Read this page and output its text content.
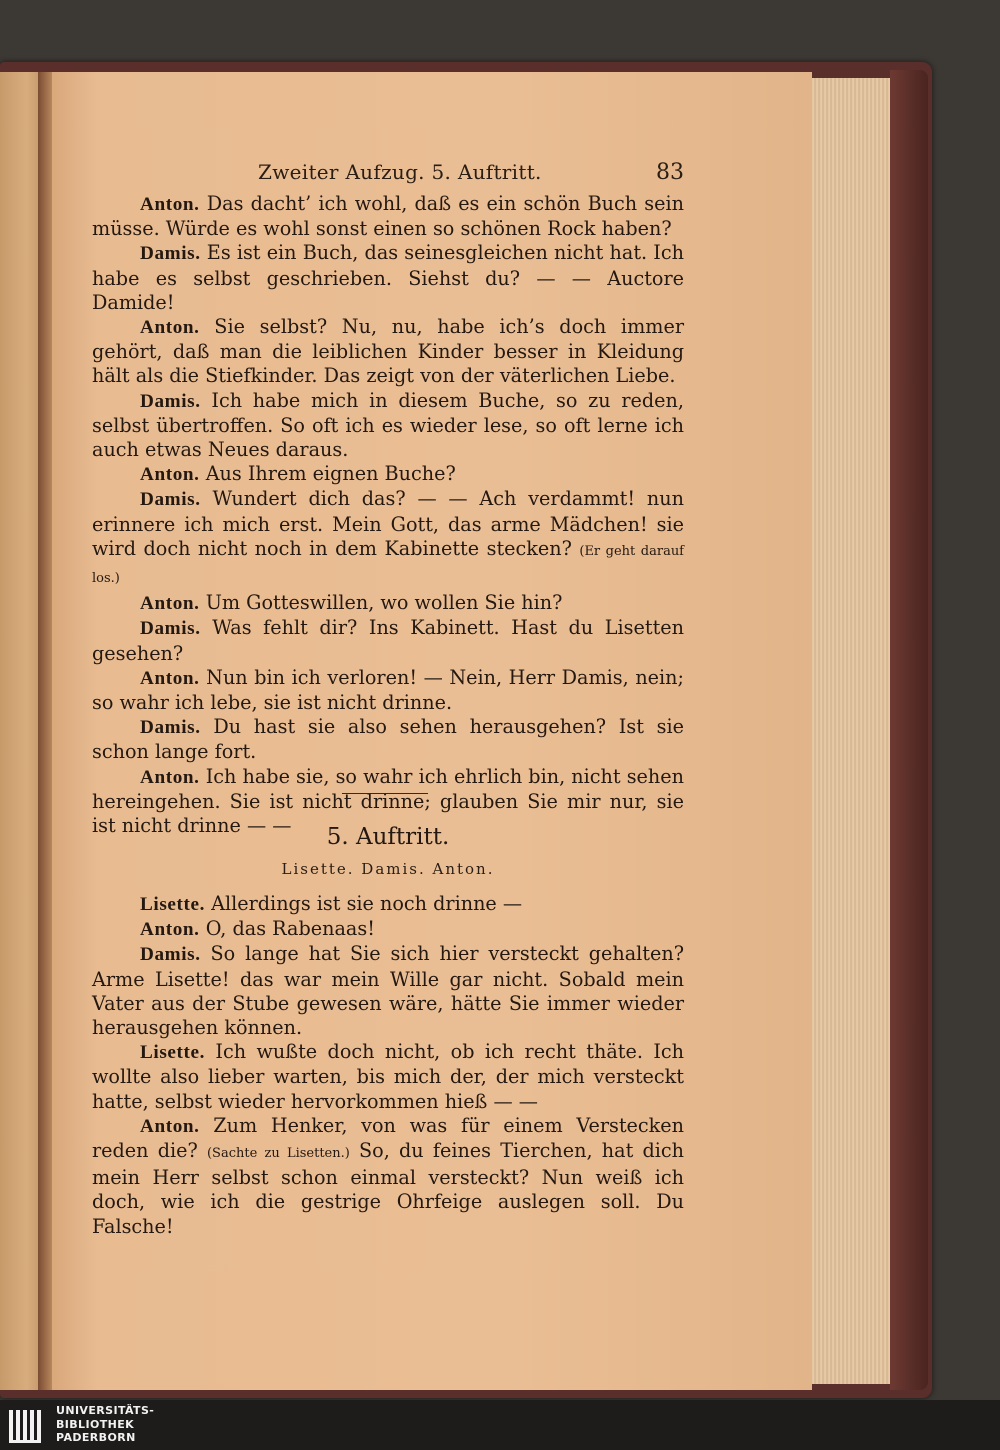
Zweiter Aufzug. 5. Auftritt.	83

Anton. Das dacht’ ich wohl, daß es ein schön Buch sein müsse. Würde es wohl sonst einen so schönen Rock haben?

Damis. Es ist ein Buch, das seinesgleichen nicht hat. Ich habe es selbst geschrieben. Siehst du? — — Auctore Damide!

Anton. Sie selbst? Nu, nu, habe ich’s doch immer gehört, daß man die leiblichen Kinder besser in Kleidung hält als die Stiefkinder. Das zeigt von der väterlichen Liebe.

Damis. Ich habe mich in diesem Buche, so zu reden, selbst übertroffen. So oft ich es wieder lese, so oft lerne ich auch etwas Neues daraus.

Anton. Aus Ihrem eignen Buche?

Damis. Wundert dich das? — — Ach verdammt! nun erinnere ich mich erst. Mein Gott, das arme Mädchen! sie wird doch nicht noch in dem Kabinette stecken? (Er geht darauf los.)

Anton. Um Gotteswillen, wo wollen Sie hin?

Damis. Was fehlt dir? Ins Kabinett. Hast du Lisetten gesehen?

Anton. Nun bin ich verloren! — Nein, Herr Damis, nein; so wahr ich lebe, sie ist nicht drinne.

Damis. Du hast sie also sehen herausgehen? Ist sie schon lange fort.

Anton. Ich habe sie, so wahr ich ehrlich bin, nicht sehen hereingehen. Sie ist nicht drinne; glauben Sie mir nur, sie ist nicht drinne — —	5. Auftritt.
Lisette. Damis. Anton.

Lisette. Allerdings ist sie noch drinne —

Anton. O, das Rabenaas!

Damis. So lange hat Sie sich hier versteckt gehalten? Arme Lisette! das war mein Wille gar nicht. Sobald mein Vater aus der Stube gewesen wäre, hätte Sie immer wieder herausgehen können.

Lisette. Ich wußte doch nicht, ob ich recht thäte. Ich wollte also lieber warten, bis mich der, der mich versteckt hatte, selbst wieder hervorkommen hieß — —

Anton. Zum Henker, von was für einem Verstecken reden die? (Sachte zu Lisetten.) So, du feines Tierchen, hat dich mein Herr selbst schon einmal versteckt? Nun weiß ich doch, wie ich die gestrige Ohrfeige auslegen soll. Du Falsche!

UNIVERSITÄTS-
BIBLIOTHEK
PADERBORN
